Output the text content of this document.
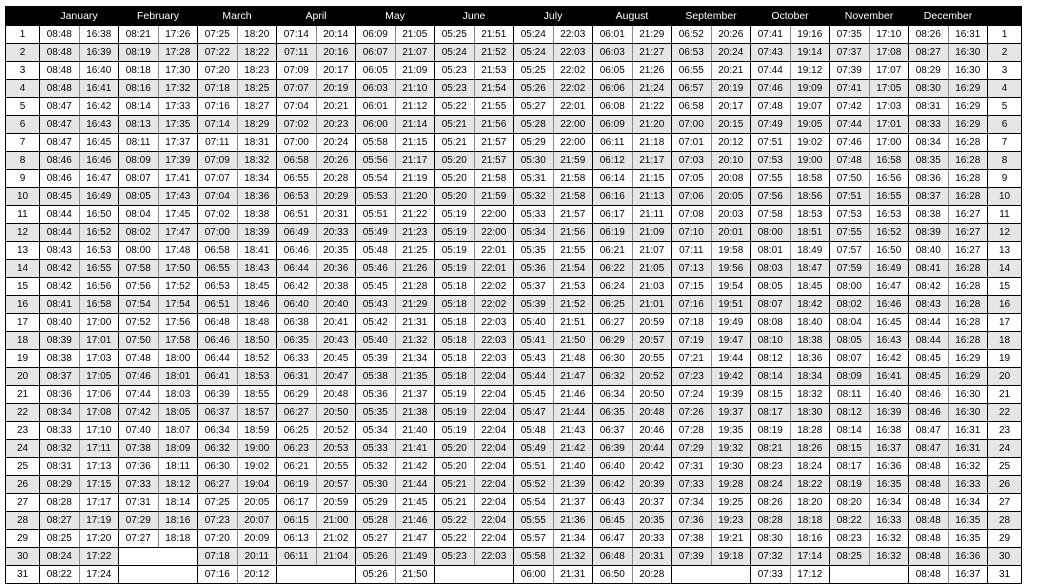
	January		February		March		April		May		June		July		August		September		October		November		December		
1	08:48	16:38	08:21	17:26	07:25	18:20	07:14	20:14	06:09	21:05	05:25	21:51	05:24	22:03	06:01	21:29	06:52	20:26	07:41	19:16	07:35	17:10	08:26	16:31	1
2	08:48	16:39	08:19	17:28	07:22	18:22	07:11	20:16	06:07	21:07	05:24	21:52	05:24	22:03	06:03	21:27	06:53	20:24	07:43	19:14	07:37	17:08	08:27	16:30	2
3	08:48	16:40	08:18	17:30	07:20	18:23	07:09	20:17	06:05	21:09	05:23	21:53	05:25	22:02	06:05	21:26	06:55	20:21	07:44	19:12	07:39	17:07	08:29	16:30	3
4	08:48	16:41	08:16	17:32	07:18	18:25	07:07	20:19	06:03	21:10	05:23	21:54	05:26	22:02	06:06	21:24	06:57	20:19	07:46	19:09	07:41	17:05	08:30	16:29	4
5	08:47	16:42	08:14	17:33	07:16	18:27	07:04	20:21	06:01	21:12	05:22	21:55	05:27	22:01	06:08	21:22	06:58	20:17	07:48	19:07	07:42	17:03	08:31	16:29	5
6	08:47	16:43	08:13	17:35	07:14	18:29	07:02	20:23	06:00	21:14	05:21	21:56	05:28	22:00	06:09	21:20	07:00	20:15	07:49	19:05	07:44	17:01	08:33	16:29	6
7	08:47	16:45	08:11	17:37	07:11	18:31	07:00	20:24	05:58	21:15	05:21	21:57	05:29	22:00	06:11	21:18	07:01	20:12	07:51	19:02	07:46	17:00	08:34	16:28	7
8	08:46	16:46	08:09	17:39	07:09	18:32	06:58	20:26	05:56	21:17	05:20	21:57	05:30	21:59	06:12	21:17	07:03	20:10	07:53	19:00	07:48	16:58	08:35	16:28	8
9	08:46	16:47	08:07	17:41	07:07	18:34	06:55	20:28	05:54	21:19	05:20	21:58	05:31	21:58	06:14	21:15	07:05	20:08	07:55	18:58	07:50	16:56	08:36	16:28	9
10	08:45	16:49	08:05	17:43	07:04	18:36	06:53	20:29	05:53	21:20	05:20	21:59	05:32	21:58	06:16	21:13	07:06	20:05	07:56	18:56	07:51	16:55	08:37	16:28	10
11	08:44	16:50	08:04	17:45	07:02	18:38	06:51	20:31	05:51	21:22	05:19	22:00	05:33	21:57	06:17	21:11	07:08	20:03	07:58	18:53	07:53	16:53	08:38	16:27	11
12	08:44	16:52	08:02	17:47	07:00	18:39	06:49	20:33	05:49	21:23	05:19	22:00	05:34	21:56	06:19	21:09	07:10	20:01	08:00	18:51	07:55	16:52	08:39	16:27	12
13	08:43	16:53	08:00	17:48	06:58	18:41	06:46	20:35	05:48	21:25	05:19	22:01	05:35	21:55	06:21	21:07	07:11	19:58	08:01	18:49	07:57	16:50	08:40	16:27	13
14	08:42	16:55	07:58	17:50	06:55	18:43	06:44	20:36	05:46	21:26	05:19	22:01	05:36	21:54	06:22	21:05	07:13	19:56	08:03	18:47	07:59	16:49	08:41	16:28	14
15	08:42	16:56	07:56	17:52	06:53	18:45	06:42	20:38	05:45	21:28	05:18	22:02	05:37	21:53	06:24	21:03	07:15	19:54	08:05	18:45	08:00	16:47	08:42	16:28	15
16	08:41	16:58	07:54	17:54	06:51	18:46	06:40	20:40	05:43	21:29	05:18	22:02	05:39	21:52	06:25	21:01	07:16	19:51	08:07	18:42	08:02	16:46	08:43	16:28	16
17	08:40	17:00	07:52	17:56	06:48	18:48	06:38	20:41	05:42	21:31	05:18	22:03	05:40	21:51	06:27	20:59	07:18	19:49	08:08	18:40	08:04	16:45	08:44	16:28	17
18	08:39	17:01	07:50	17:58	06:46	18:50	06:35	20:43	05:40	21:32	05:18	22:03	05:41	21:50	06:29	20:57	07:19	19:47	08:10	18:38	08:05	16:43	08:44	16:28	18
19	08:38	17:03	07:48	18:00	06:44	18:52	06:33	20:45	05:39	21:34	05:18	22:03	05:43	21:48	06:30	20:55	07:21	19:44	08:12	18:36	08:07	16:42	08:45	16:29	19
20	08:37	17:05	07:46	18:01	06:41	18:53	06:31	20:47	05:38	21:35	05:18	22:04	05:44	21:47	06:32	20:52	07:23	19:42	08:14	18:34	08:09	16:41	08:45	16:29	20
21	08:36	17:06	07:44	18:03	06:39	18:55	06:29	20:48	05:36	21:37	05:19	22:04	05:45	21:46	06:34	20:50	07:24	19:39	08:15	18:32	08:11	16:40	08:46	16:30	21
22	08:34	17:08	07:42	18:05	06:37	18:57	06:27	20:50	05:35	21:38	05:19	22:04	05:47	21:44	06:35	20:48	07:26	19:37	08:17	18:30	08:12	16:39	08:46	16:30	22
23	08:33	17:10	07:40	18:07	06:34	18:59	06:25	20:52	05:34	21:40	05:19	22:04	05:48	21:43	06:37	20:46	07:28	19:35	08:19	18:28	08:14	16:38	08:47	16:31	23
24	08:32	17:11	07:38	18:09	06:32	19:00	06:23	20:53	05:33	21:41	05:20	22:04	05:49	21:42	06:39	20:44	07:29	19:32	08:21	18:26	08:15	16:37	08:47	16:31	24
25	08:31	17:13	07:36	18:11	06:30	19:02	06:21	20:55	05:32	21:42	05:20	22:04	05:51	21:40	06:40	20:42	07:31	19:30	08:23	18:24	08:17	16:36	08:48	16:32	25
26	08:29	17:15	07:33	18:12	06:27	19:04	06:19	20:57	05:30	21:44	05:21	22:04	05:52	21:39	06:42	20:39	07:33	19:28	08:24	18:22	08:19	16:35	08:48	16:33	26
27	08:28	17:17	07:31	18:14	07:25	20:05	06:17	20:59	05:29	21:45	05:21	22:04	05:54	21:37	06:43	20:37	07:34	19:25	08:26	18:20	08:20	16:34	08:48	16:34	27
28	08:27	17:19	07:29	18:16	07:23	20:07	06:15	21:00	05:28	21:46	05:22	22:04	05:55	21:36	06:45	20:35	07:36	19:23	08:28	18:18	08:22	16:33	08:48	16:35	28
29	08:25	17:20	07:27	18:18	07:20	20:09	06:13	21:02	05:27	21:47	05:22	22:04	05:57	21:34	06:47	20:33	07:38	19:21	08:30	18:16	08:23	16:32	08:48	16:35	29
30	08:24	17:22			07:18	20:11	06:11	21:04	05:26	21:49	05:23	22:03	05:58	21:32	06:48	20:31	07:39	19:18	07:32	17:14	08:25	16:32	08:48	16:36	30
31	08:22	17:24			07:16	20:12			05:26	21:50			06:00	21:31	06:50	20:28			07:33	17:12			08:48	16:37	31
